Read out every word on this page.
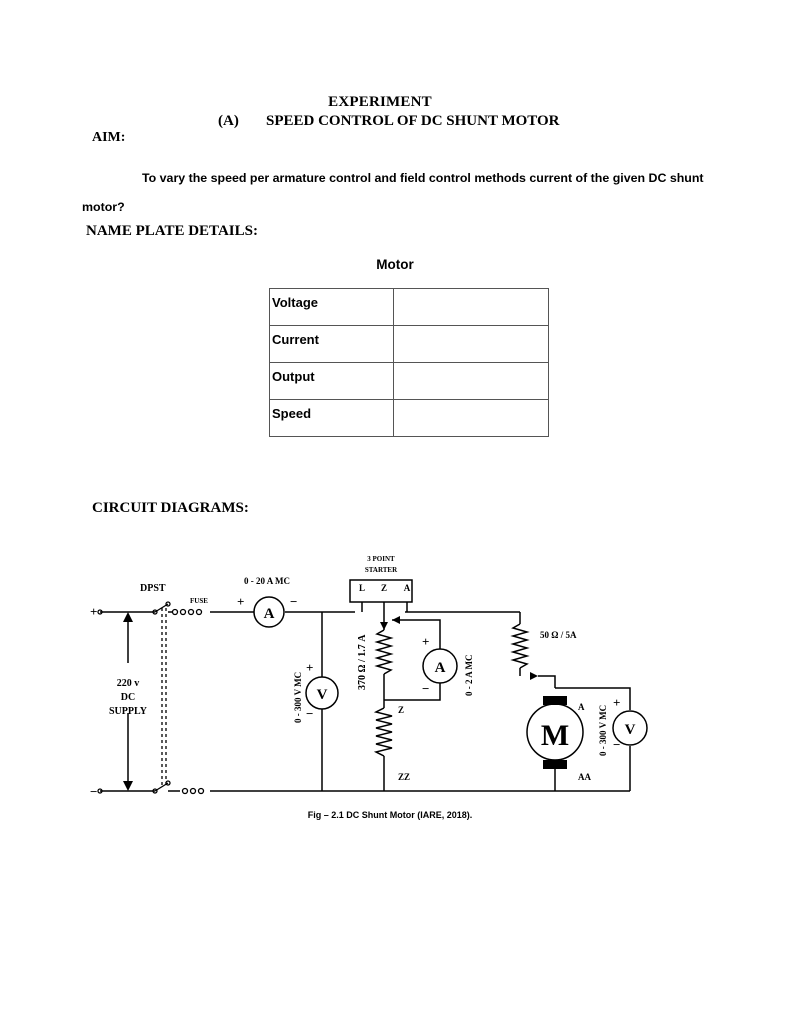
EXPERIMENT
(A) SPEED CONTROL OF DC SHUNT MOTOR
AIM:
To vary the speed per armature control and field control methods current of the given DC shunt motor?
NAME PLATE DETAILS:
Motor
Voltage	
Current	
Output	
Speed	
CIRCUIT DIAGRAMS:
3 POINT
STARTER
L Z A
DPST
FUSE
0 - 20 A MC
+	−
A
+
−
220 v
DC
SUPPLY	0 - 300 V MC
+
−
V
370 Ω / 1.7 A	0 - 2 A MC
+
−
A
Z
ZZ
50 Ω / 5A
A
AA
M	0 - 300 V MC
+
−
V
Fig – 2.1 DC Shunt Motor (IARE, 2018).
